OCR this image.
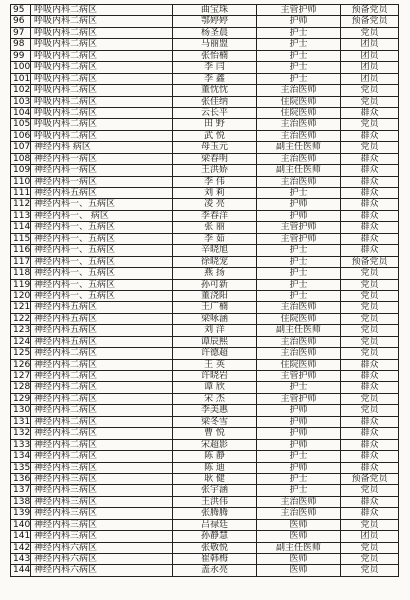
95	呼吸内科二病区	曲宝珠	主管护师	预备党员
96	呼吸内科二病区	鄂婷婷	护师	预备党员
97	呼吸内科二病区	杨圣晨	护士	党员
98	呼吸内科二病区	马丽盟	护士	团员
99	呼吸内科二病区	张怡楠	护士	团员
100 呼吸内科二病区	李 闫	护士	团员
101 呼吸内科二病区	李 鑫	护士	团员
102 呼吸内科二病区	董忱忱	主治医师	党员
103 呼吸内科二病区	张佳纳	住院医师	党员
104 呼吸内科二病区	云长平	住院医师	群众
105 呼吸内科二病区	田 野	主治医师	党员
106 呼吸内科二病区	武 悦	主治医师	群众
107 神经内科 病区	母玉元	副主任医师	党员
108 神经内科一病区	梁春明	主治医师	群众
109 神经内科一病区	王洪娇	副主任医师	群众
110 神经内科一病区	李 伟	主治医师	群众
111 神经内科五病区	刘 莉	护士	群众
112 神经内科一、五病区	凌 亮	护师	群众
113 神经内科一、 病区	李春洋	护师	群众
114 神经内科一、五病区	张 丽	主管护师	群众
115 神经内科一、五病区	李 茹	主管护师	群众
116 神经内科一、五病区	辛晓旭	护士	群众
117 神经内科一、五病区	徐晓宠	护士	预备党员
118 神经内科一、五病区	燕 扬	护士	党员
119 神经内科一、五病区	孙可新	护士	党员
120 神经内科一、五病区	董浇阳	护士	党员
121 神经内科五病区	王广楠	主治医师	党员
122 神经内科五病区	梁咏涵	住院医师	党员
123 神经内科五病区	刘 洋	副主任医师	党员
124 神经内科五病区	谭辰熙	主治医师	党员
125 神经内科二病区	许德超	主治医师	党员
126 神经内科二病区	王 英	住院医师	群众
127 神经内科二病区	许晓岩	主管护师	群众
128 神经内科二病区	谭 欣	护士	群众
129 神经内科二病区	宋 杰	主管护师	党员
130 神经内科二病区	李美惠	护师	党员
131 神经内科二病区	梁冬雪	护师	群众
132 神经内科二病区	曹 悦	护师	群众
133 神经内科二病区	宋超影	护师	群众
134 神经内科二病区	陈 静	护士	群众
135 神经内科三病区	陈 迪	护师	群众
136 神经内科三病区	耿 健	护士	预备党员
137 神经内科三病区	张宇涵	护士	党员
138 神经内科三病区	王洪伟	主治医师	群众
139 神经内科三病区	张腾腾	主治医师	群众
140 神经内科三病区	吕禄廷	医师	党员
141 神经内科三病区	孙静慧	医师	团员
142 神经内科六病区	张敬悦	副主任医师	党员
143 神经内科六病区	崔韩梅	医师	党员
144 神经内科六病区	盖永亮	医师	党员
